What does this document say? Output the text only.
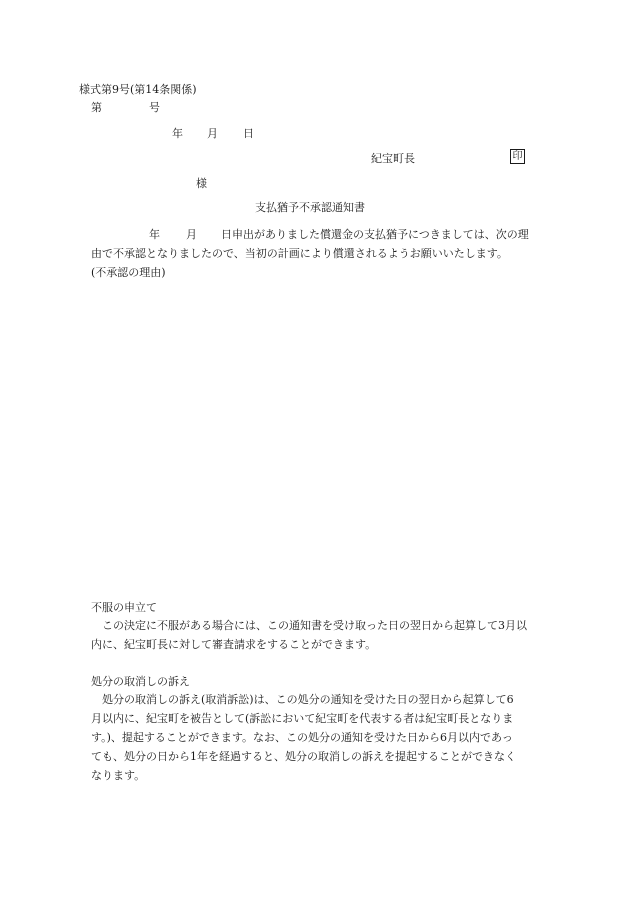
様式第9号(第14条関係)
第	号
年 月 日
紀宝町長	印
様
支払猶予不承認通知書
年 月 日申出がありました償還金の支払猶予につきましては、次の理
由で不承認となりましたので、当初の計画により償還されるようお願いいたします。
(不承認の理由)
不服の申立て
この決定に不服がある場合には、この通知書を受け取った日の翌日から起算して3月以
内に、紀宝町長に対して審査請求をすることができます。
処分の取消しの訴え
処分の取消しの訴え(取消訴訟)は、この処分の通知を受けた日の翌日から起算して6
月以内に、紀宝町を被告として(訴訟において紀宝町を代表する者は紀宝町長となりま
す。)、提起することができます。なお、この処分の通知を受けた日から6月以内であっ
ても、処分の日から1年を経過すると、処分の取消しの訴えを提起することができなく
なります。
